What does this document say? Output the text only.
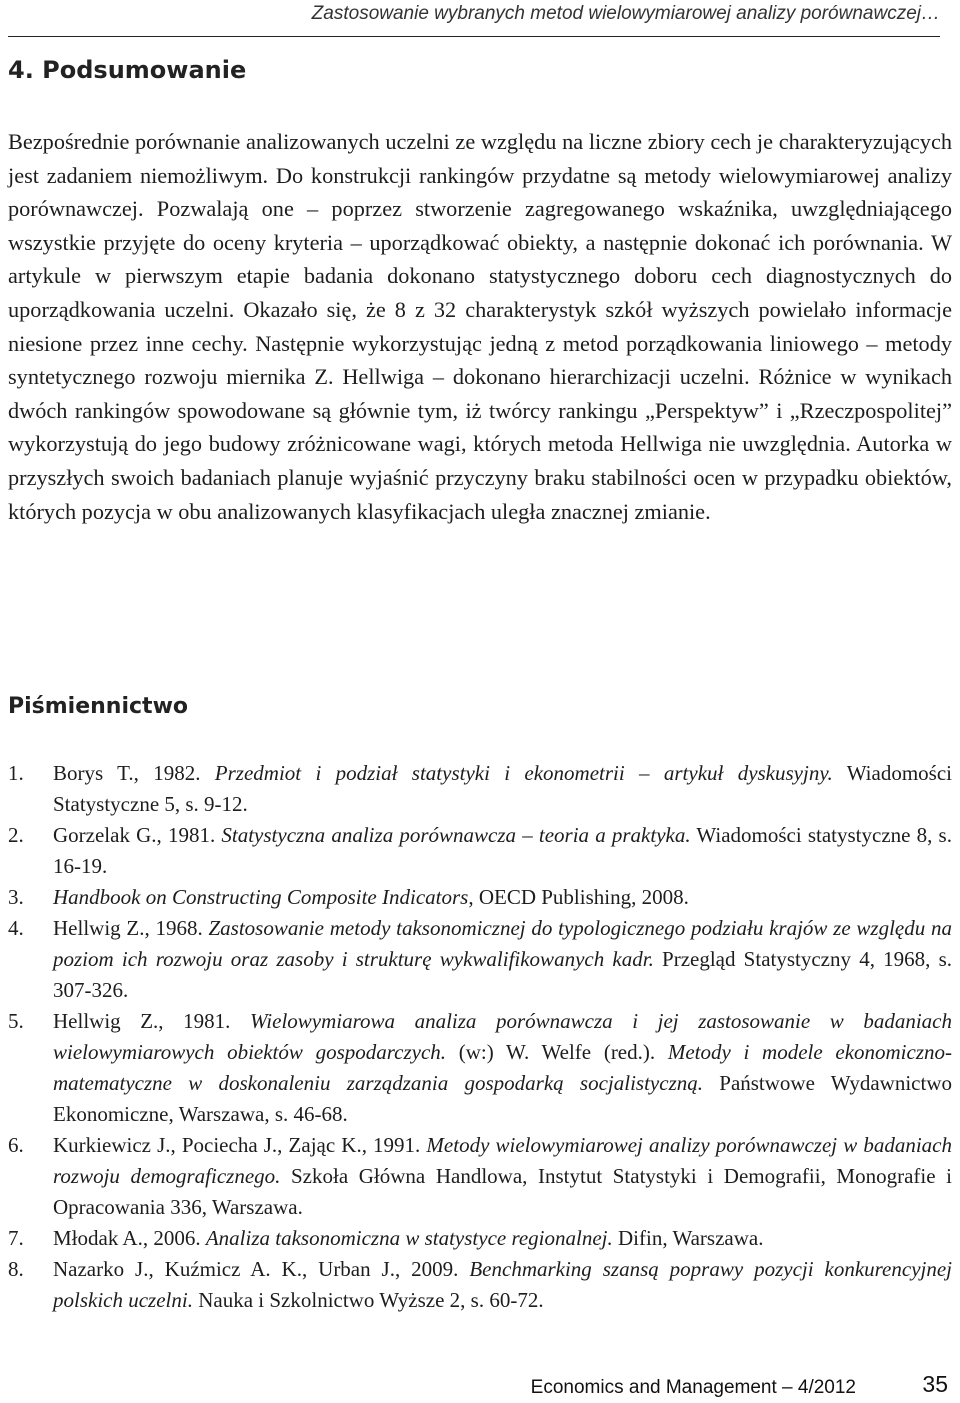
Zastosowanie wybranych metod wielowymiarowej analizy porównawczej…
4. Podsumowanie

Bezpośrednie porównanie analizowanych uczelni ze względu na liczne zbiory cech je charakteryzujących jest zadaniem niemożliwym. Do konstrukcji rankingów przydatne są metody wielowymiarowej analizy porównawczej. Pozwalają one – poprzez stworzenie zagregowanego wskaźnika, uwzględniającego wszystkie przyjęte do oceny kryteria – uporządkować obiekty, a następnie dokonać ich porównania. W artykule w pierwszym etapie badania dokonano statystycznego doboru cech diagnostycznych do uporządkowania uczelni. Okazało się, że 8 z 32 charakterystyk szkół wyższych powielało informacje niesione przez inne cechy. Następnie wykorzystując jedną z metod porządkowania liniowego – metody syntetycznego rozwoju miernika Z. Hellwiga – dokonano hierarchizacji uczelni. Różnice w wynikach dwóch rankingów spowodowane są głównie tym, iż twórcy rankingu „Perspektyw” i „Rzeczpospolitej” wykorzystują do jego budowy zróżnicowane wagi, których metoda Hellwiga nie uwzględnia. Autorka w przyszłych swoich badaniach planuje wyjaśnić przyczyny braku stabilności ocen w przypadku obiektów, których pozycja w obu analizowanych klasyfikacjach uległa znacznej zmianie.

Piśmiennictwo
1. Borys T., 1982. Przedmiot i podział statystyki i ekonometrii – artykuł dyskusyjny. Wiadomości Statystyczne 5, s. 9-12.
2. Gorzelak G., 1981. Statystyczna analiza porównawcza – teoria a praktyka. Wiadomości statystyczne 8, s. 16-19.
3. Handbook on Constructing Composite Indicators, OECD Publishing, 2008.
4. Hellwig Z., 1968. Zastosowanie metody taksonomicznej do typologicznego podziału krajów ze względu na poziom ich rozwoju oraz zasoby i strukturę wykwalifikowanych kadr. Przegląd Statystyczny 4, 1968, s. 307-326.
5. Hellwig Z., 1981. Wielowymiarowa analiza porównawcza i jej zastosowanie w badaniach wielowymiarowych obiektów gospodarczych. (w:) W. Welfe (red.). Metody i modele ekonomiczno-matematyczne w doskonaleniu zarządzania gospodarką socjalistyczną. Państwowe Wydawnictwo Ekonomiczne, Warszawa, s. 46-68.
6. Kurkiewicz J., Pociecha J., Zając K., 1991. Metody wielowymiarowej analizy porównawczej w badaniach rozwoju demograficznego. Szkoła Główna Handlowa, Instytut Statystyki i Demografii, Monografie i Opracowania 336, Warszawa.
7. Młodak A., 2006. Analiza taksonomiczna w statystyce regionalnej. Difin, Warszawa.
8. Nazarko J., Kuźmicz A. K., Urban J., 2009. Benchmarking szansą poprawy pozycji konkurencyjnej polskich uczelni. Nauka i Szkolnictwo Wyższe 2, s. 60-72.
Economics and Management – 4/2012	35
